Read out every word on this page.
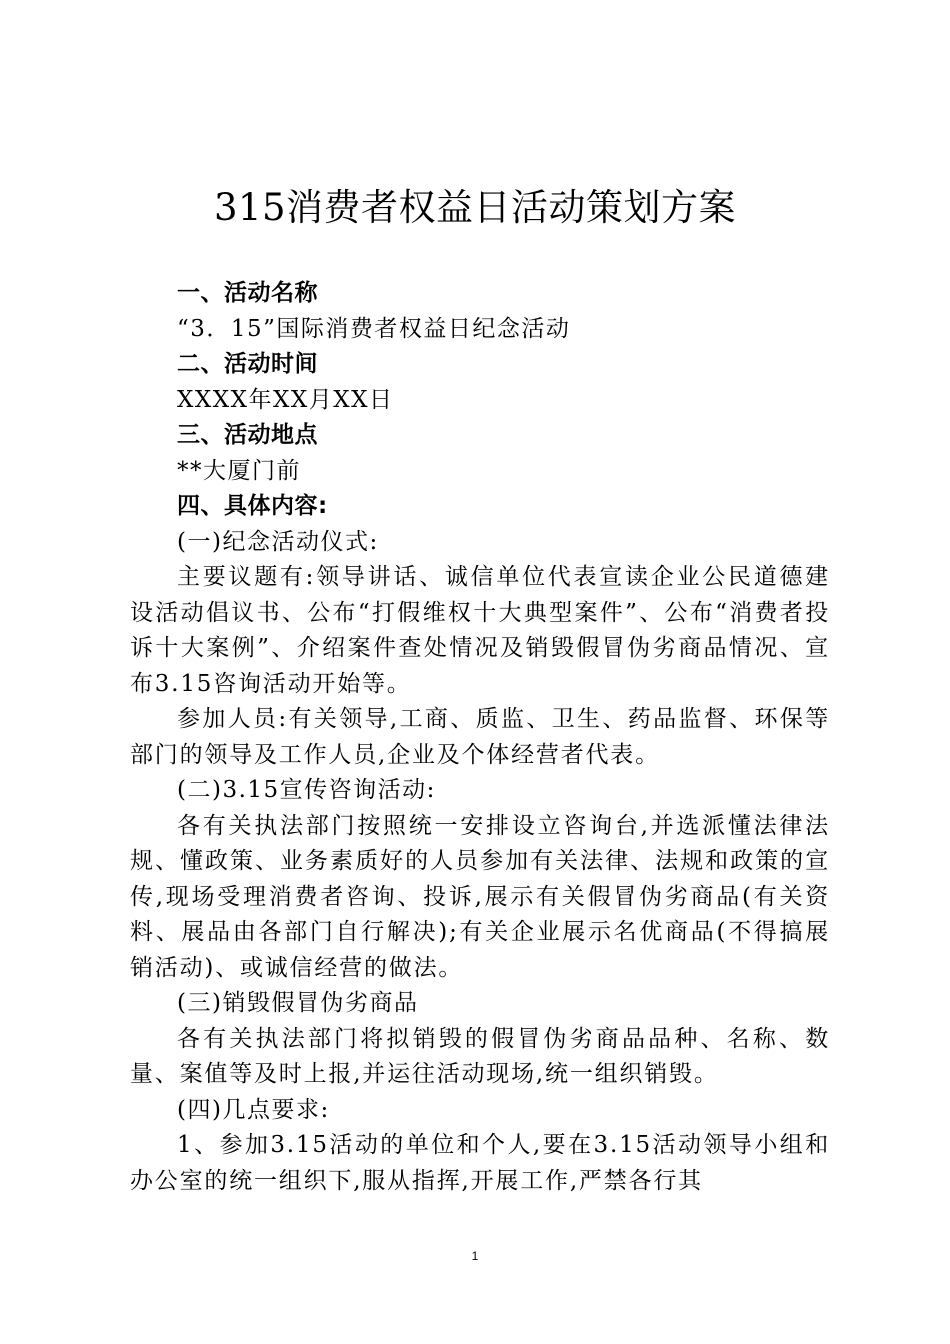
315消费者权益日活动策划方案

一、活动名称

“3．15”国际消费者权益日纪念活动

二、活动时间

XXXX年XX月XX日

三、活动地点

**大厦门前

四、具体内容:

(一)纪念活动仪式:

主要议题有:领导讲话、诚信单位代表宣读企业公民道德建设活动倡议书、公布“打假维权十大典型案件”、公布“消费者投诉十大案例”、介绍案件查处情况及销毁假冒伪劣商品情况、宣布3.15咨询活动开始等。

参加人员:有关领导,工商、质监、卫生、药品监督、环保等部门的领导及工作人员,企业及个体经营者代表。

(二)3.15宣传咨询活动:

各有关执法部门按照统一安排设立咨询台,并选派懂法律法规、懂政策、业务素质好的人员参加有关法律、法规和政策的宣传,现场受理消费者咨询、投诉,展示有关假冒伪劣商品(有关资料、展品由各部门自行解决);有关企业展示名优商品(不得搞展销活动)、或诚信经营的做法。

(三)销毁假冒伪劣商品

各有关执法部门将拟销毁的假冒伪劣商品品种、名称、数量、案值等及时上报,并运往活动现场,统一组织销毁。

(四)几点要求:

1、参加3.15活动的单位和个人,要在3.15活动领导小组和办公室的统一组织下,服从指挥,开展工作,严禁各行其

1
